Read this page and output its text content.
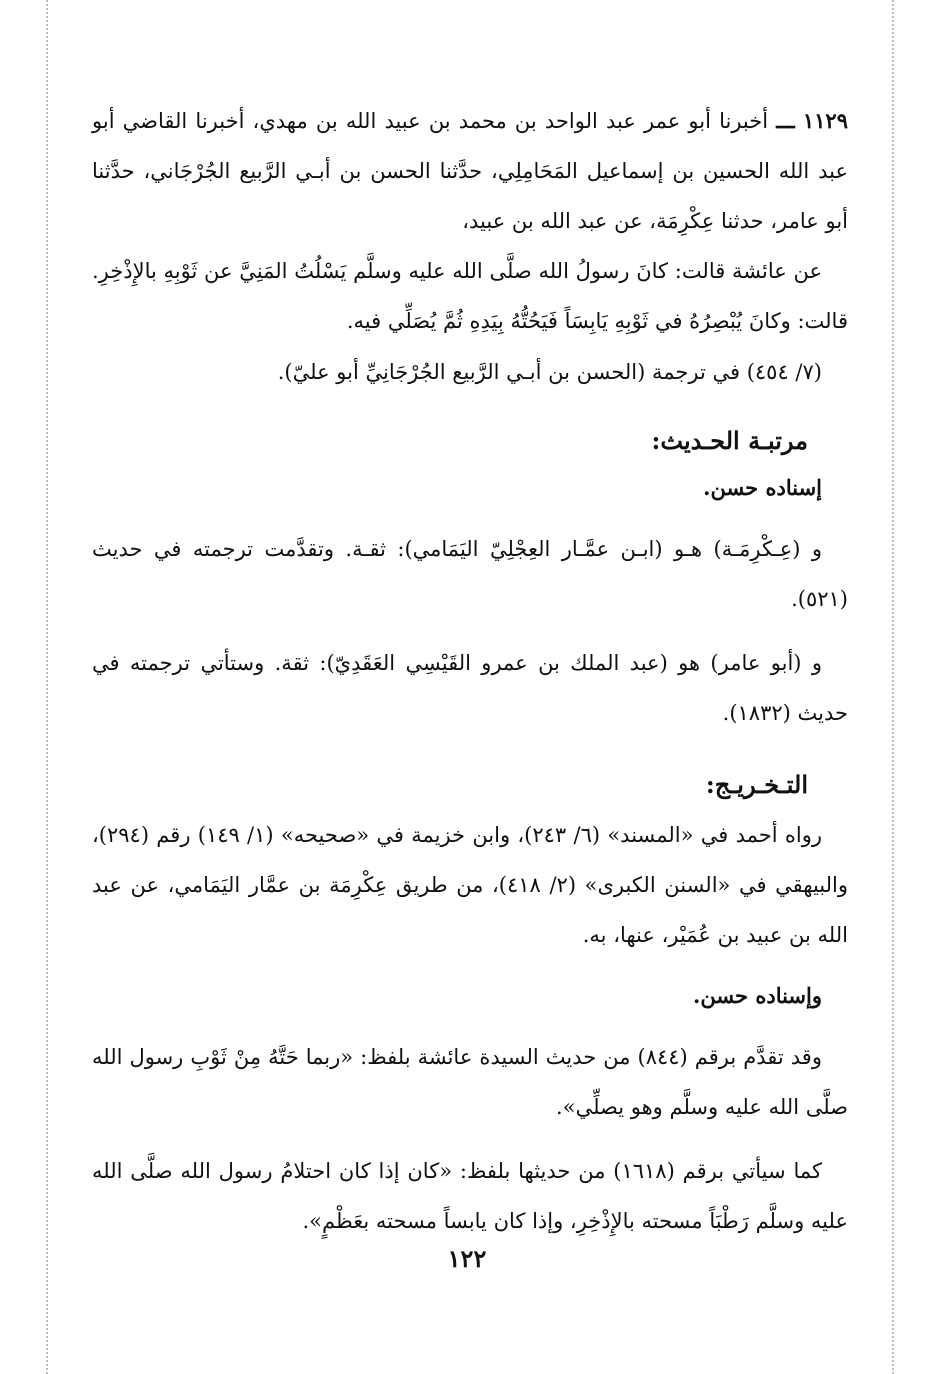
١١٢٩ ـــ أخبرنا أبو عمر عبد الواحد بن محمد بن عبيد الله بن مهدي، أخبرنا القاضي أبو عبد الله الحسين بن إسماعيل المَحَامِلِي، حدَّثنا الحسن بن أبـي الرَّبيع الجُرْجَاني، حدَّثنا أبو عامر، حدثنا عِكْرِمَة، عن عبد الله بن عبيد،

عن عائشة قالت: كانَ رسولُ الله صلَّى الله عليه وسلَّم يَسْلُتُ المَنِيَّ عن ثَوْبِهِ بالإِذْخِرِ. قالت: وكانَ يُبْصِرُهُ في ثَوْبِهِ يَابِسَاً فَيَحُتُّهُ بِيَدِهِ ثُمَّ يُصَلِّي فيه.

(٧/ ٤٥٤) في ترجمة (الحسن بن أبـي الرَّبيع الجُرْجَانِيِّ أبو عليّ).

مرتبـة الحـديث:

إسناده حسن.

و (عِـكْرِمَـة) هـو (ابـن عمَّـار العِجْلِيّ اليَمَامي): ثقـة. وتقدَّمت ترجمته في حديث (٥٢١).

و (أبو عامر) هو (عبد الملك بن عمرو القَيْسِي العَقَدِيّ): ثقة. وستأتي ترجمته في حديث (١٨٣٢).

التـخـريـج:

رواه أحمد في «المسند» (٦/ ٢٤٣)، وابن خزيمة في «صحيحه» (١/ ١٤٩) رقم (٢٩٤)، والبيهقي في «السنن الكبرى» (٢/ ٤١٨)، من طريق عِكْرِمَة بن عمَّار اليَمَامي، عن عبد الله بن عبيد بن عُمَيْر، عنها، به.

وإسناده حسن.

وقد تقدَّم برقم (٨٤٤) من حديث السيدة عائشة بلفظ: «ربما حَتَّهُ مِنْ ثَوْبِ رسول الله صلَّى الله عليه وسلَّم وهو يصلِّي».

كما سيأتي برقم (١٦١٨) من حديثها بلفظ: «كان إذا كان احتلامُ رسول الله صلَّى الله عليه وسلَّم رَطْبَاً مسحته بالإِذْخِرِ، وإذا كان يابساً مسحته بعَظْمٍ».

١٢٢
